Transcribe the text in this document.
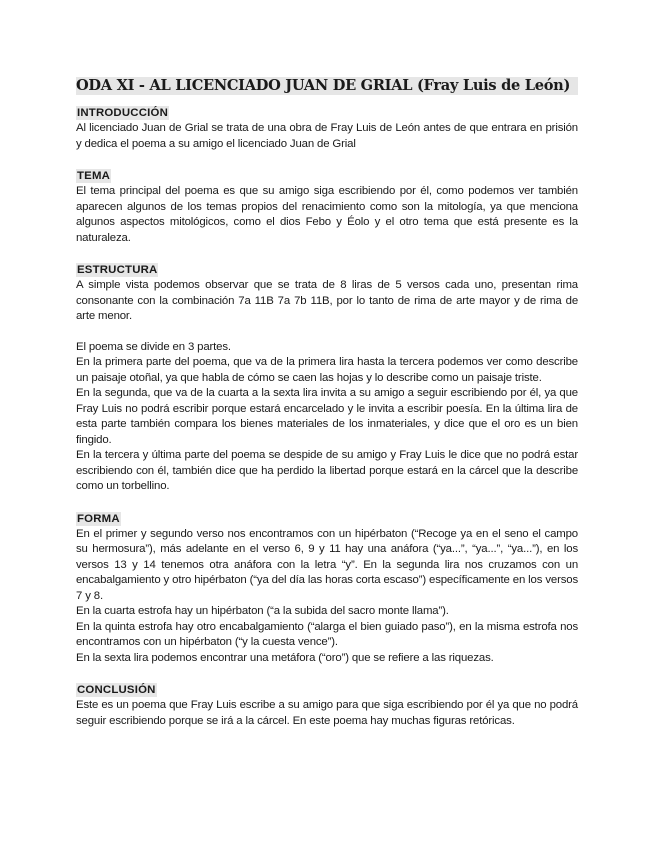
ODA XI - AL LICENCIADO JUAN DE GRIAL (Fray Luis de León)
INTRODUCCIÓN

Al licenciado Juan de Grial se trata de una obra de Fray Luis de León antes de que entrara en prisión y dedica el poema a su amigo el licenciado Juan de Grial

TEMA

El tema principal del poema es que su amigo siga escribiendo por él, como podemos ver también aparecen algunos de los temas propios del renacimiento como son la mitología, ya que menciona algunos aspectos mitológicos, como el dios Febo y Éolo y el otro tema que está presente es la naturaleza.

ESTRUCTURA

A simple vista podemos observar que se trata de 8 liras de 5 versos cada uno, presentan rima consonante con la combinación 7a 11B 7a 7b 11B, por lo tanto de rima de arte mayor y de rima de arte menor.

El poema se divide en 3 partes.

En la primera parte del poema, que va de la primera lira hasta la tercera podemos ver como describe un paisaje otoñal, ya que habla de cómo se caen las hojas y lo describe como un paisaje triste.

En la segunda, que va de la cuarta a la sexta lira invita a su amigo a seguir escribiendo por él, ya que Fray Luis no podrá escribir porque estará encarcelado y le invita a escribir poesía. En la última lira de esta parte también compara los bienes materiales de los inmateriales, y dice que el oro es un bien fingido.

En la tercera y última parte del poema se despide de su amigo y Fray Luis le dice que no podrá estar escribiendo con él, también dice que ha perdido la libertad porque estará en la cárcel que la describe como un torbellino.

FORMA

En el primer y segundo verso nos encontramos con un hipérbaton (“Recoge ya en el seno el campo su hermosura”), más adelante en el verso 6, 9 y 11 hay una anáfora (“ya...”, “ya...”, “ya...”), en los versos 13 y 14 tenemos otra anáfora con la letra “y”. En la segunda lira nos cruzamos con un encabalgamiento y otro hipérbaton (“ya del día las horas corta escaso”) específicamente en los versos 7 y 8.

En la cuarta estrofa hay un hipérbaton (“a la subida del sacro monte llama”).

En la quinta estrofa hay otro encabalgamiento (“alarga el bien guiado paso”), en la misma estrofa nos encontramos con un hipérbaton (“y la cuesta vence”).

En la sexta lira podemos encontrar una metáfora (“oro”) que se refiere a las riquezas.

CONCLUSIÓN

Este es un poema que Fray Luis escribe a su amigo para que siga escribiendo por él ya que no podrá seguir escribiendo porque se irá a la cárcel. En este poema hay muchas figuras retóricas.
